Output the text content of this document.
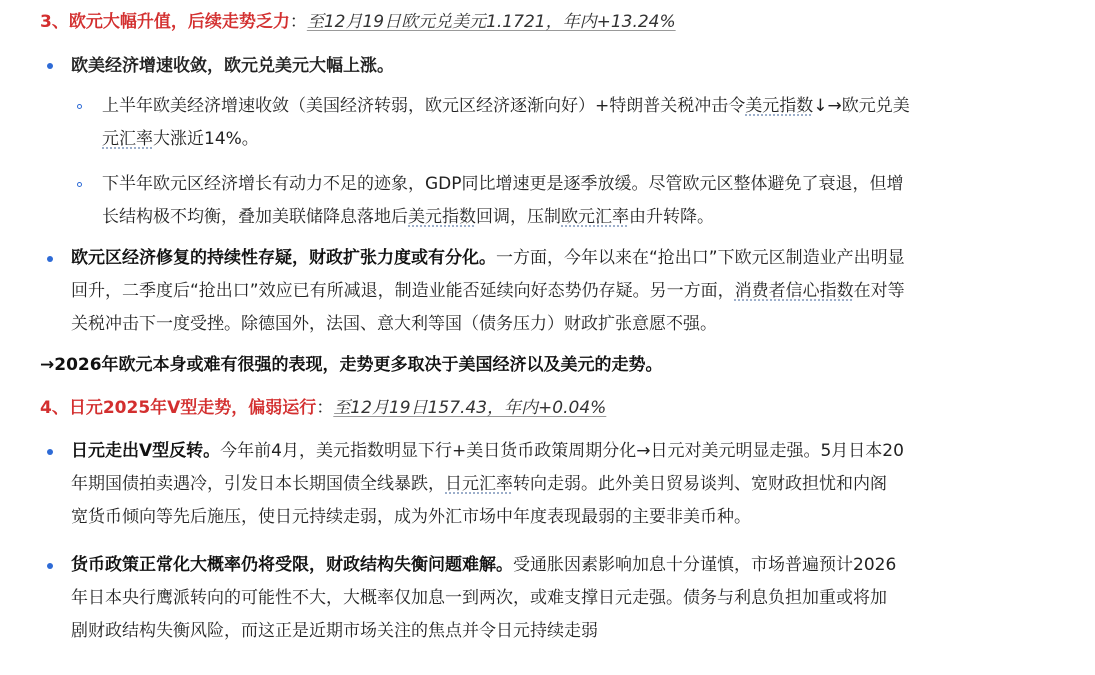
3、欧元大幅升值，后续走势乏力：至12月19日欧元兑美元1.1721，年内+13.24%
欧美经济增速收敛，欧元兑美元大幅上涨。
上半年欧美经济增速收敛（美国经济转弱，欧元区经济逐渐向好）+特朗普关税冲击令美元指数↓→欧元兑美
元汇率大涨近14%。
下半年欧元区经济增长有动力不足的迹象，GDP同比增速更是逐季放缓。尽管欧元区整体避免了衰退，但增
长结构极不均衡，叠加美联储降息落地后美元指数回调，压制欧元汇率由升转降。
欧元区经济修复的持续性存疑，财政扩张力度或有分化。一方面，今年以来在“抢出口”下欧元区制造业产出明显
回升，二季度后“抢出口”效应已有所减退，制造业能否延续向好态势仍存疑。另一方面，消费者信心指数在对等
关税冲击下一度受挫。除德国外，法国、意大利等国（债务压力）财政扩张意愿不强。
→2026年欧元本身或难有很强的表现，走势更多取决于美国经济以及美元的走势。
4、日元2025年V型走势，偏弱运行：至12月19日157.43，年内+0.04%
日元走出V型反转。今年前4月，美元指数明显下行+美日货币政策周期分化→日元对美元明显走强。5月日本20
年期国债拍卖遇冷，引发日本长期国债全线暴跌，日元汇率转向走弱。此外美日贸易谈判、宽财政担忧和内阁
宽货币倾向等先后施压，使日元持续走弱，成为外汇市场中年度表现最弱的主要非美币种。
货币政策正常化大概率仍将受限，财政结构失衡问题难解。受通胀因素影响加息十分谨慎，市场普遍预计2026
年日本央行鹰派转向的可能性不大，大概率仅加息一到两次，或难支撑日元走强。债务与利息负担加重或将加
剧财政结构失衡风险，而这正是近期市场关注的焦点并令日元持续走弱
